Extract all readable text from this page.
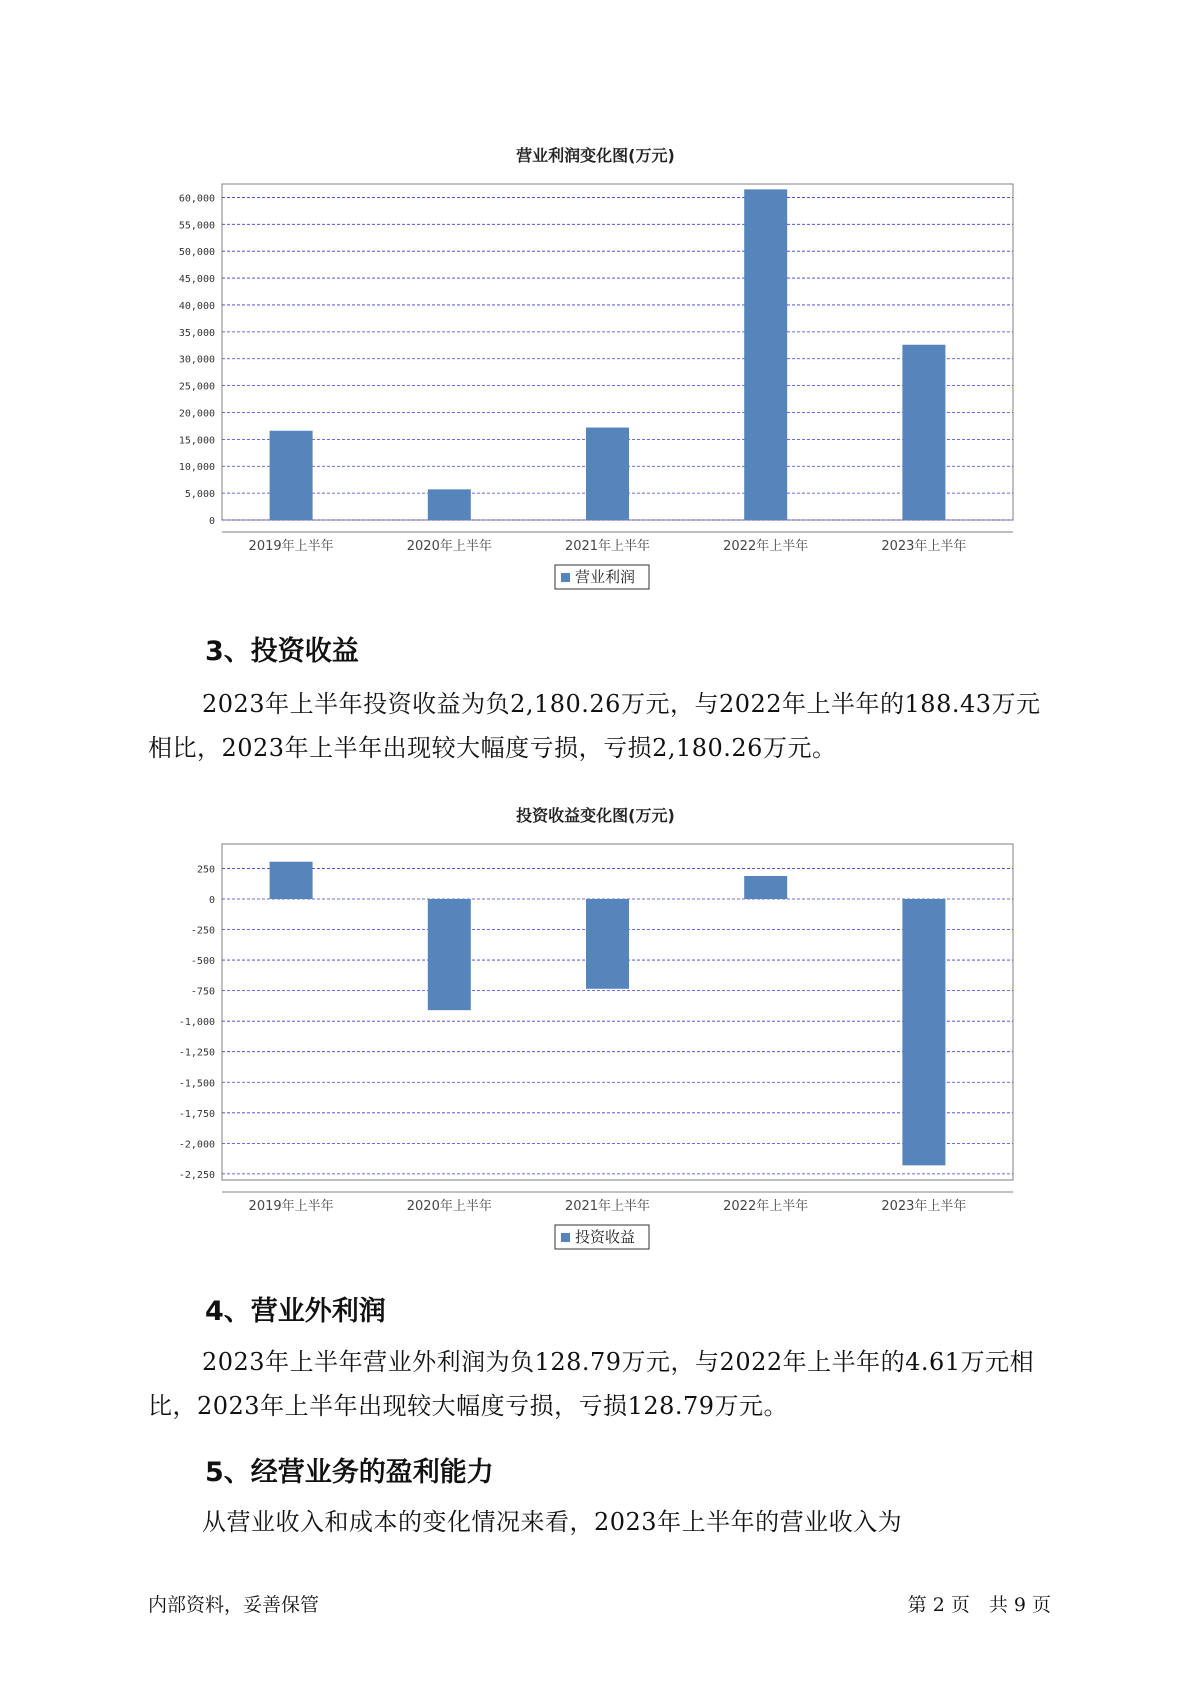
营业利润变化图(万元)
0
5,000
10,000
15,000
20,000
25,000
30,000
35,000
40,000
45,000
50,000
55,000
60,000
2019年上半年	2020年上半年	2021年上半年	2022年上半年	2023年上半年
营业利润
3、投资收益
2023年上半年投资收益为负2,180.26万元，与2022年上半年的188.43万元相比，2023年上半年出现较大幅度亏损，亏损2,180.26万元。
投资收益变化图(万元)
250
0
-250
-500
-750
-1,000
-1,250
-1,500
-1,750
-2,000
-2,250
2019年上半年	2020年上半年	2021年上半年	2022年上半年	2023年上半年
投资收益
4、营业外利润
2023年上半年营业外利润为负128.79万元，与2022年上半年的4.61万元相比，2023年上半年出现较大幅度亏损，亏损128.79万元。
5、经营业务的盈利能力
从营业收入和成本的变化情况来看，2023年上半年的营业收入为
内部资料，妥善保管	第 2 页　共 9 页
